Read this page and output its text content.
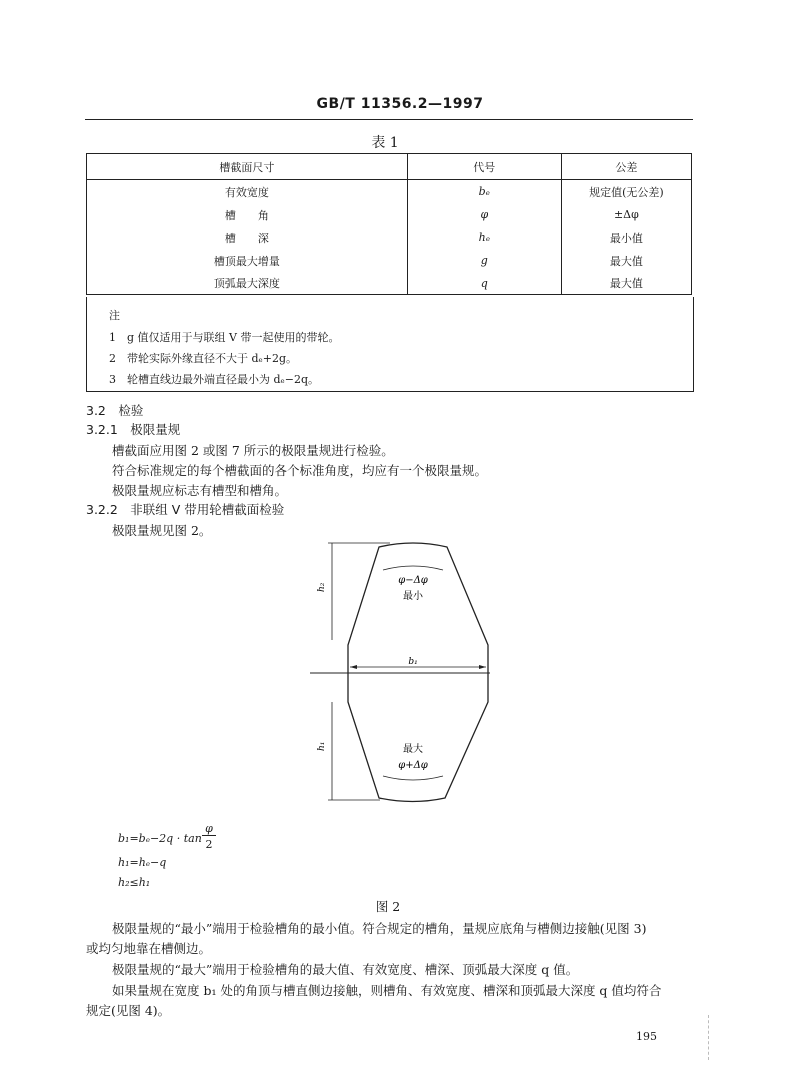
GB/T 11356.2—1997
表 1
槽截面尺寸	代号	公差
有效宽度	bₑ	规定值(无公差)
槽　　角	φ	±Δφ
槽　　深	hₑ	最小值
槽顶最大增量	g	最大值
顶弧最大深度	q	最大值
注
1　g 值仅适用于与联组 V 带一起使用的带轮。
2　带轮实际外缘直径不大于 dₑ+2g。
3　轮槽直线边最外端直径最小为 dₑ−2q。
3.2　检验
3.2.1　极限量规
槽截面应用图 2 或图 7 所示的极限量规进行检验。
符合标准规定的每个槽截面的各个标准角度，均应有一个极限量规。
极限量规应标志有槽型和槽角。
3.2.2　非联组 V 带用轮槽截面检验
极限量规见图 2。
b₁
h₂
h₁
φ−Δφ
最小
最大
φ+Δφ
b₁=bₑ−2q · tan
φ
2
h₁=hₑ−q
h₂≤h₁
图 2
极限量规的“最小”端用于检验槽角的最小值。符合规定的槽角，量规应底角与槽侧边接触(见图 3)
或均匀地靠在槽侧边。
极限量规的“最大”端用于检验槽角的最大值、有效宽度、槽深、顶弧最大深度 q 值。
如果量规在宽度 b₁ 处的角顶与槽直侧边接触，则槽角、有效宽度、槽深和顶弧最大深度 q 值均符合
规定(见图 4)。
195
